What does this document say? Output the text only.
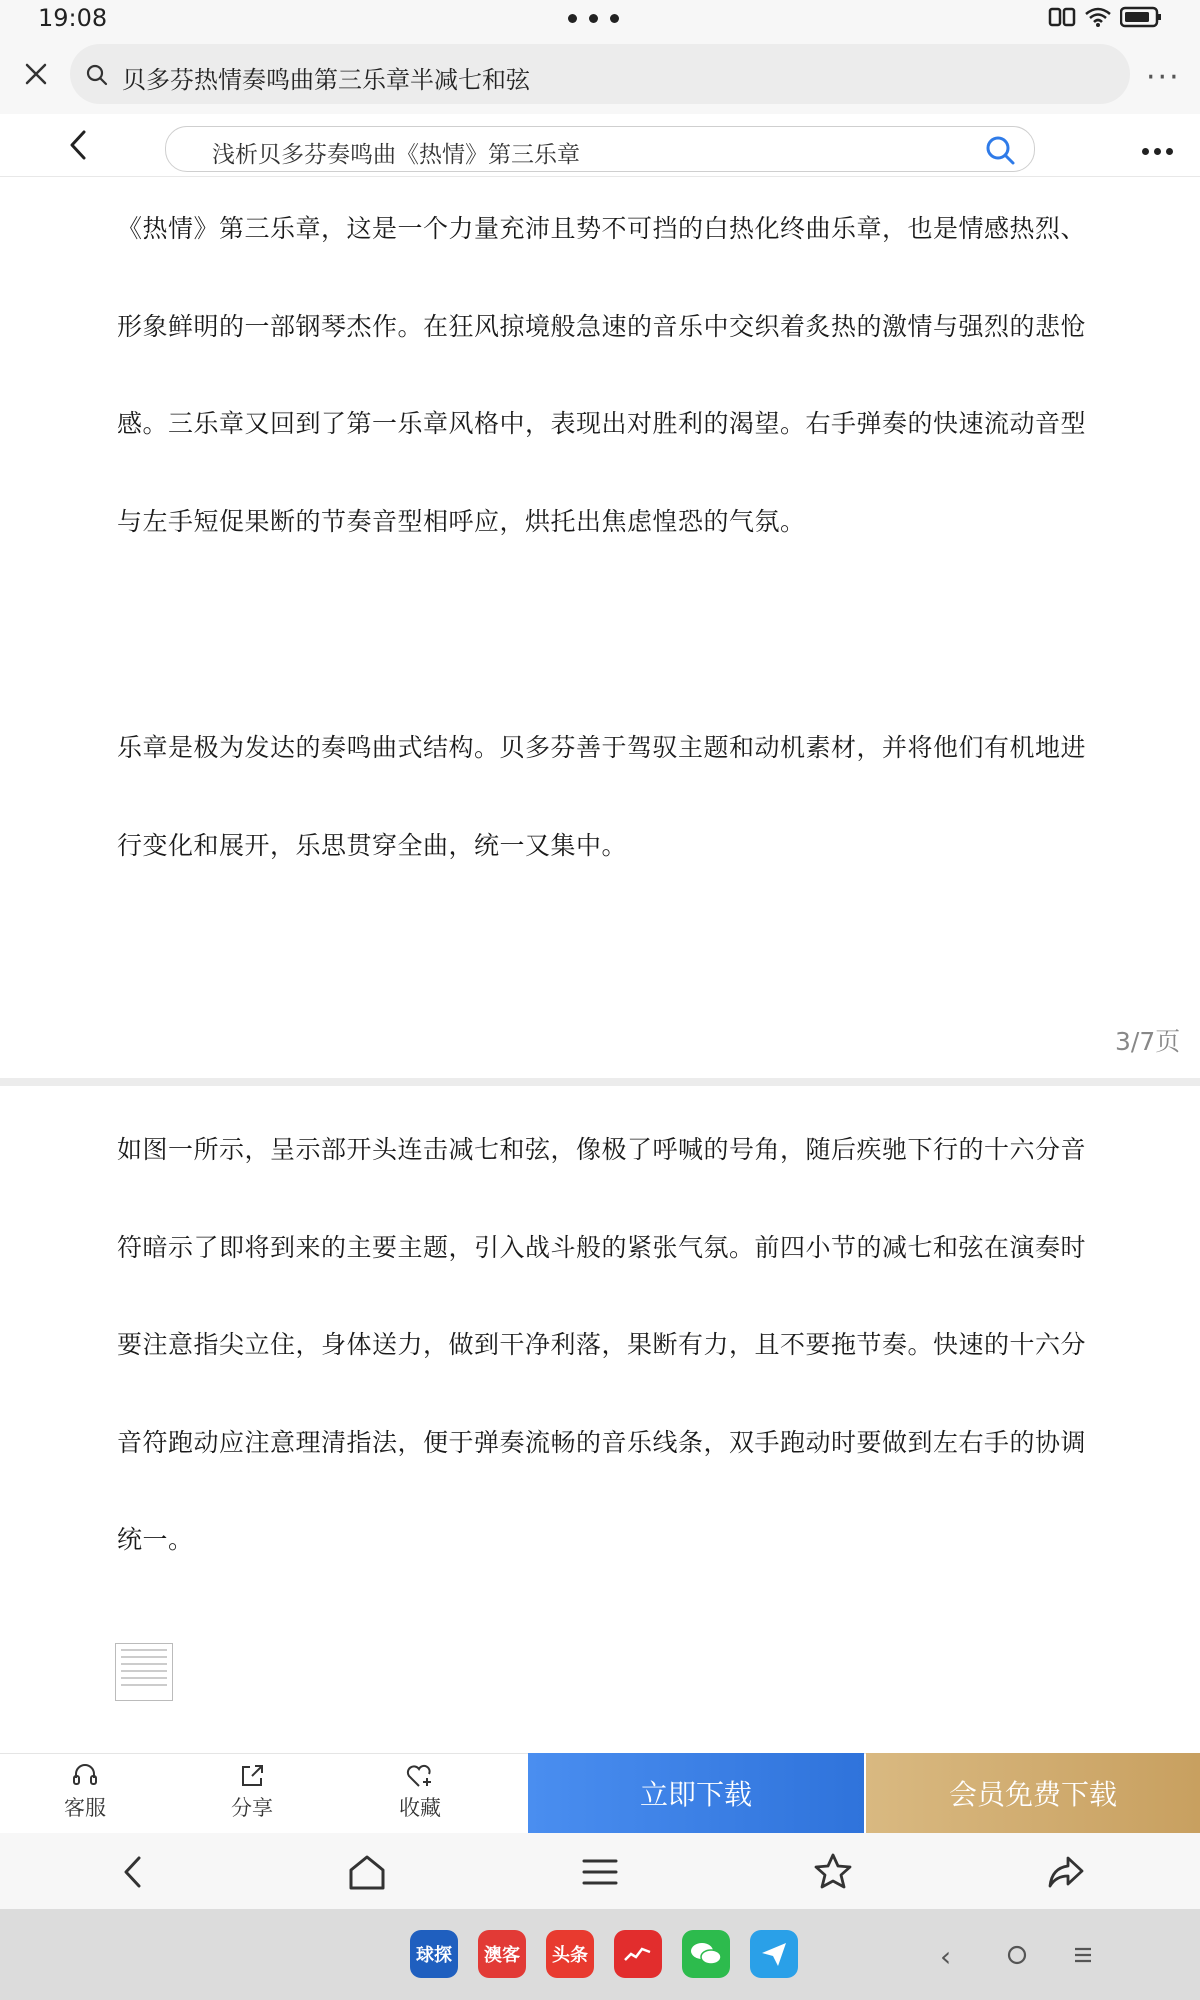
19:08
贝多芬热情奏鸣曲第三乐章半减七和弦	···
浅析贝多芬奏鸣曲《热情》第三乐章

《热情》第三乐章，这是一个力量充沛且势不可挡的白热化终曲乐章，也是情感热烈、形象鲜明的一部钢琴杰作。在狂风掠境般急速的音乐中交织着炙热的激情与强烈的悲怆感。三乐章又回到了第一乐章风格中，表现出对胜利的渴望。右手弹奏的快速流动音型与左手短促果断的节奏音型相呼应，烘托出焦虑惶恐的气氛。

乐章是极为发达的奏鸣曲式结构。贝多芬善于驾驭主题和动机素材，并将他们有机地进行变化和展开，乐思贯穿全曲，统一又集中。

3/7页

如图一所示，呈示部开头连击减七和弦，像极了呼喊的号角，随后疾驰下行的十六分音符暗示了即将到来的主要主题，引入战斗般的紧张气氛。前四小节的减七和弦在演奏时要注意指尖立住，身体送力，做到干净利落，果断有力，且不要拖节奏。快速的十六分音符跑动应注意理清指法，便于弹奏流畅的音乐线条，双手跑动时要做到左右手的协调统一。

客服	分享	收藏	立即下载	会员免费下载
球探	澳客	头条	‹
